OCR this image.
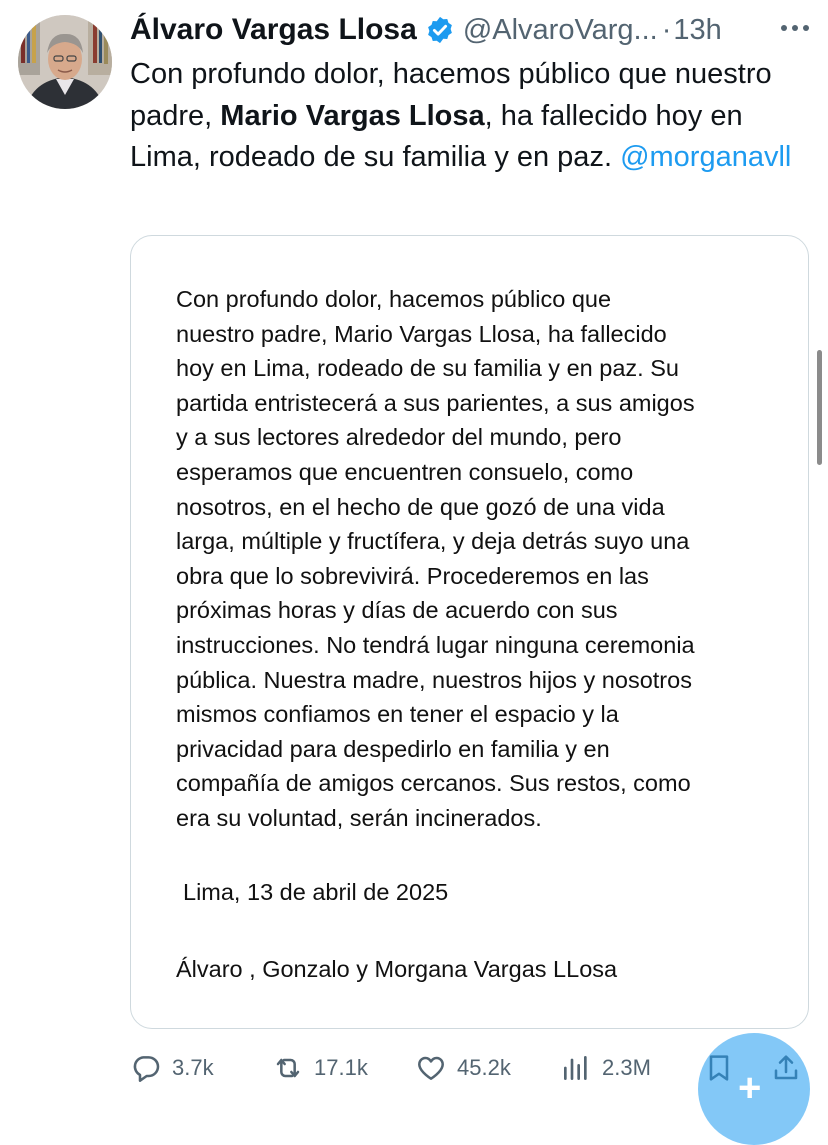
Álvaro Vargas Llosa @AlvaroVarg... · 13h
Con profundo dolor, hacemos público que nuestro padre, Mario Vargas Llosa, ha fallecido hoy en Lima, rodeado de su familia y en paz. @morganavll
Con profundo dolor, hacemos público que
nuestro padre, Mario Vargas Llosa, ha fallecido
hoy en Lima, rodeado de su familia y en paz. Su
partida entristecerá a sus parientes, a sus amigos
y a sus lectores alrededor del mundo, pero
esperamos que encuentren consuelo, como
nosotros, en el hecho de que gozó de una vida
larga, múltiple y fructífera, y deja detrás suyo una
obra que lo sobrevivirá. Procederemos en las
próximas horas y días de acuerdo con sus
instrucciones. No tendrá lugar ninguna ceremonia
pública. Nuestra madre, nuestros hijos y nosotros
mismos confiamos en tener el espacio y la
privacidad para despedirlo en familia y en
compañía de amigos cercanos. Sus restos, como
era su voluntad, serán incinerados.
Lima, 13 de abril de 2025
Álvaro , Gonzalo y Morgana Vargas LLosa
3.7k	17.1k	45.2k	2.3M +
